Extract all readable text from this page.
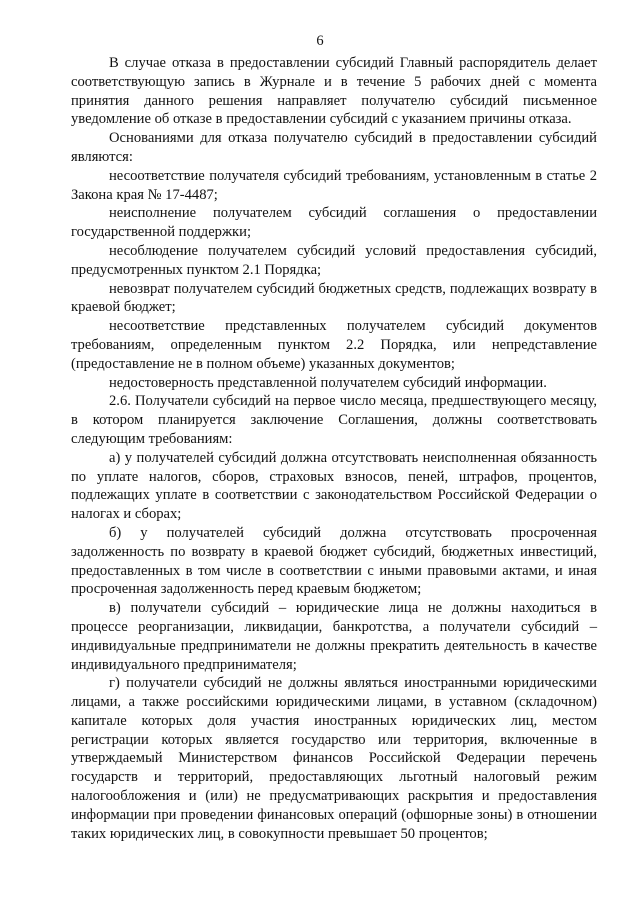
6

В случае отказа в предоставлении субсидий Главный распорядитель делает соответствующую запись в Журнале и в течение 5 рабочих дней с момента принятия данного решения направляет получателю субсидий письменное уведомление об отказе в предоставлении субсидий с указанием причины отказа.

Основаниями для отказа получателю субсидий в предоставлении субсидий являются:

несоответствие получателя субсидий требованиям, установленным в статье 2 Закона края № 17-4487;

неисполнение получателем субсидий соглашения о предоставлении государственной поддержки;

несоблюдение получателем субсидий условий предоставления субсидий, предусмотренных пунктом 2.1 Порядка;

невозврат получателем субсидий бюджетных средств, подлежащих возврату в краевой бюджет;

несоответствие представленных получателем субсидий документов требованиям, определенным пунктом 2.2 Порядка, или непредставление (предоставление не в полном объеме) указанных документов;

недостоверность представленной получателем субсидий информации.

2.6. Получатели субсидий на первое число месяца, предшествующего месяцу, в котором планируется заключение Соглашения, должны соответствовать следующим требованиям:

а) у получателей субсидий должна отсутствовать неисполненная обязанность по уплате налогов, сборов, страховых взносов, пеней, штрафов, процентов, подлежащих уплате в соответствии с законодательством Российской Федерации о налогах и сборах;

б) у получателей субсидий должна отсутствовать просроченная задолженность по возврату в краевой бюджет субсидий, бюджетных инвестиций, предоставленных в том числе в соответствии с иными правовыми актами, и иная просроченная задолженность перед краевым бюджетом;

в) получатели субсидий – юридические лица не должны находиться в процессе реорганизации, ликвидации, банкротства, а получатели субсидий – индивидуальные предприниматели не должны прекратить деятельность в качестве индивидуального предпринимателя;

г) получатели субсидий не должны являться иностранными юридическими лицами, а также российскими юридическими лицами, в уставном (складочном) капитале которых доля участия иностранных юридических лиц, местом регистрации которых является государство или территория, включенные в утверждаемый Министерством финансов Российской Федерации перечень государств и территорий, предоставляющих льготный налоговый режим налогообложения и (или) не предусматривающих раскрытия и предоставления информации при проведении финансовых операций (офшорные зоны) в отношении таких юридических лиц, в совокупности превышает 50 процентов;
